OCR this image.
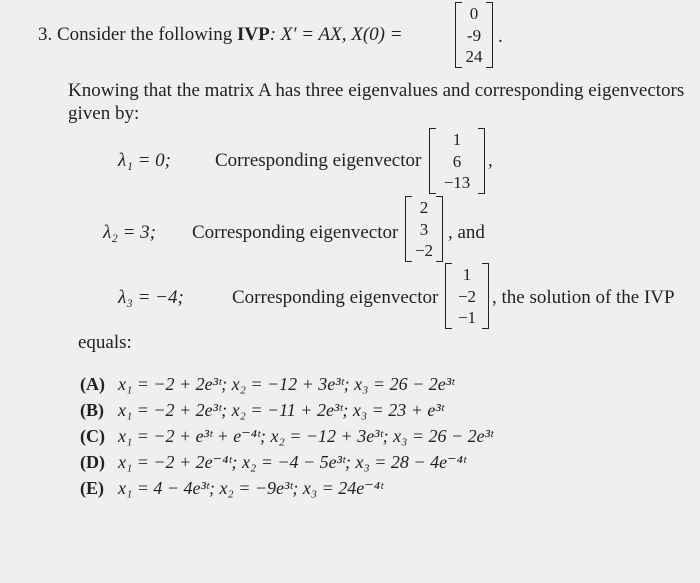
3. Consider the following IVP: X′ = AX, X(0) =
0
-9
24
.
Knowing that the matrix A has three eigenvalues and corresponding eigenvectors
given by:
λ₁ = 0; Corresponding eigenvector
1
6
−13
,
λ₂ = 3; Corresponding eigenvector
2
3
−2
, and
λ₃ = −4;	Corresponding eigenvector
1
−2
−1
, the solution of the IVP
equals:
(A) x₁ = −2 + 2e³ᵗ; x₂ = −12 + 3e³ᵗ; x₃ = 26 − 2e³ᵗ
(B) x₁ = −2 + 2e³ᵗ; x₂ = −11 + 2e³ᵗ; x₃ = 23 + e³ᵗ
(C) x₁ = −2 + e³ᵗ + e⁻⁴ᵗ; x₂ = −12 + 3e³ᵗ; x₃ = 26 − 2e³ᵗ
(D) x₁ = −2 + 2e⁻⁴ᵗ; x₂ = −4 − 5e³ᵗ; x₃ = 28 − 4e⁻⁴ᵗ
(E) x₁ = 4 − 4e³ᵗ; x₂ = −9e³ᵗ; x₃ = 24e⁻⁴ᵗ
